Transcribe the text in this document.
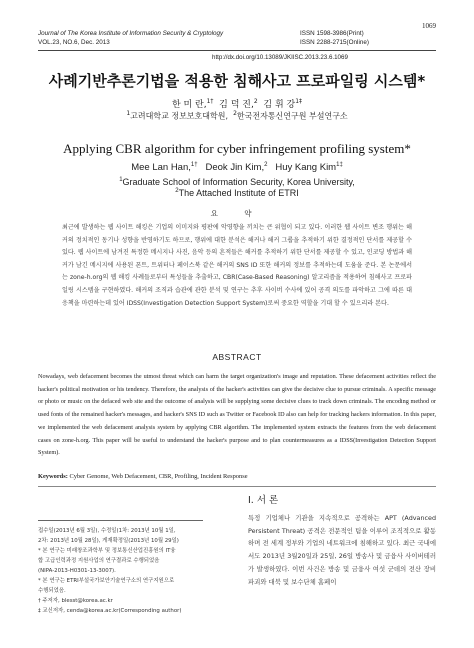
1069
Journal of The Korea Institute of Information Security & Cryptology
VOL.23, NO.6, Dec. 2013
ISSN 1598-3986(Print)
ISSN 2288-2715(Online)
http://dx.doi.org/10.13089/JKIISC.2013.23.6.1069
사례기반추론기법을 적용한 침해사고 프로파일링 시스템*
한 미 란,$^{1\dagger}$ 김 덕 진,$^2$ 김 휘 강$^{1\ddagger}$
$^1$고려대학교 정보보호대학원, $^2$한국전자통신연구원 부설연구소
Applying CBR algorithm for cyber infringement profiling system*
Mee Lan Han,$^{1\dagger}$ Deok Jin Kim,$^2$ Huy Kang Kim$^{1\ddagger}$
$^1$Graduate School of Information Security, Korea University,
$^2$The Attached Institute of ETRI
요 약
최근에 발생하는 웹 사이트 해킹은 기업의 이미지와 평판에 악영향을 끼치는 큰 위협이 되고 있다. 이러한 웹 사이트 변조 행위는 해커의 정치적인 동기나 성향을 반영하기도 하므로, 행위에 대한 분석은 해커나 해커 그룹을 추적하기 위한 결정적인 단서를 제공할 수 있다. 웹 사이트에 남겨진 특정한 메시지나 사진, 음악 등의 흔적들은 해커를 추적하기 위한 단서를 제공할 수 있고, 인코딩 방법과 해커가 남긴 메시지에 사용된 폰트, 트위터나 페이스북 같은 해커의 SNS ID 또한 해커의 정보를 추적하는데 도움을 준다. 본 논문에서는 zone-h.org의 웹 해킹 사례들로부터 특성들을 추출하고, CBR(Case-Based Reasoning) 알고리즘을 적용하여 침해사고 프로파일링 시스템을 구현하였다. 해커의 조직과 습관에 관한 분석 및 연구는 추후 사이버 수사에 있어 공격 의도를 파악하고 그에 따른 대응책을 마련하는데 있어 IDSS(Investigation Detection Support System)로써 중요한 역할을 기대 할 수 있으리라 본다.
ABSTRACT
Nowadays, web defacement becomes the utmost threat which can harm the target organization's image and reputation. These defacement activities reflect the hacker's political motivation or his tendency. Therefore, the analysis of the hacker's activities can give the decisive clue to pursue criminals. A specific message or photo or music on the defaced web site and the outcome of analysis will be supplying some decisive clues to track down criminals. The encoding method or used fonts of the remained hacker's messages, and hacker's SNS ID such as Twitter or Facebook ID also can help for tracking hackers information. In this paper, we implemented the web defacement analysis system by applying CBR algorithm. The implemented system extracts the features from the web defacement cases on zone-h.org. This paper will be useful to understand the hacker's purpose and to plan countermeasures as a IDSS(Investigation Detection Support System).
Keywords: Cyber Genome, Web Defacement, CBR, Profiling, Incident Response
I. 서 론
특정 기업체나 기관을 지속적으로 공격하는 APT (Advanced Persistent Threat) 공격은 전문적인 팀을 이루어 조직적으로 활동하며 전 세계 정부와 기업의 네트워크에 침해하고 있다. 최근 국내에서도 2013년 3월20일과 25일, 26일 방송사 및 금융사 사이버테러가 발생하였다. 이번 사건은 방송 및 금융사 여섯 군데의 전산 장비 파괴와 대북 및 보수단체 홈페이
접수일(2013년 6월 3일), 수정일(1차: 2013년 10월 1일,
2차: 2013년 10월 28일), 게재확정일(2013년 10월 29일)
* 본 연구는 미래창조과학부 및 정보통신산업진흥원의 IT융
합 고급인력과정 지원사업의 연구결과로 수행되었음
(NIPA-2013-H0301-13-3007).
* 본 연구는 ETRI부설국가보안기술연구소의 연구지원으로
수행되었음.
† 주저자, blesst@korea.ac.kr
‡ 교신저자, cenda@korea.ac.kr(Corresponding author)
